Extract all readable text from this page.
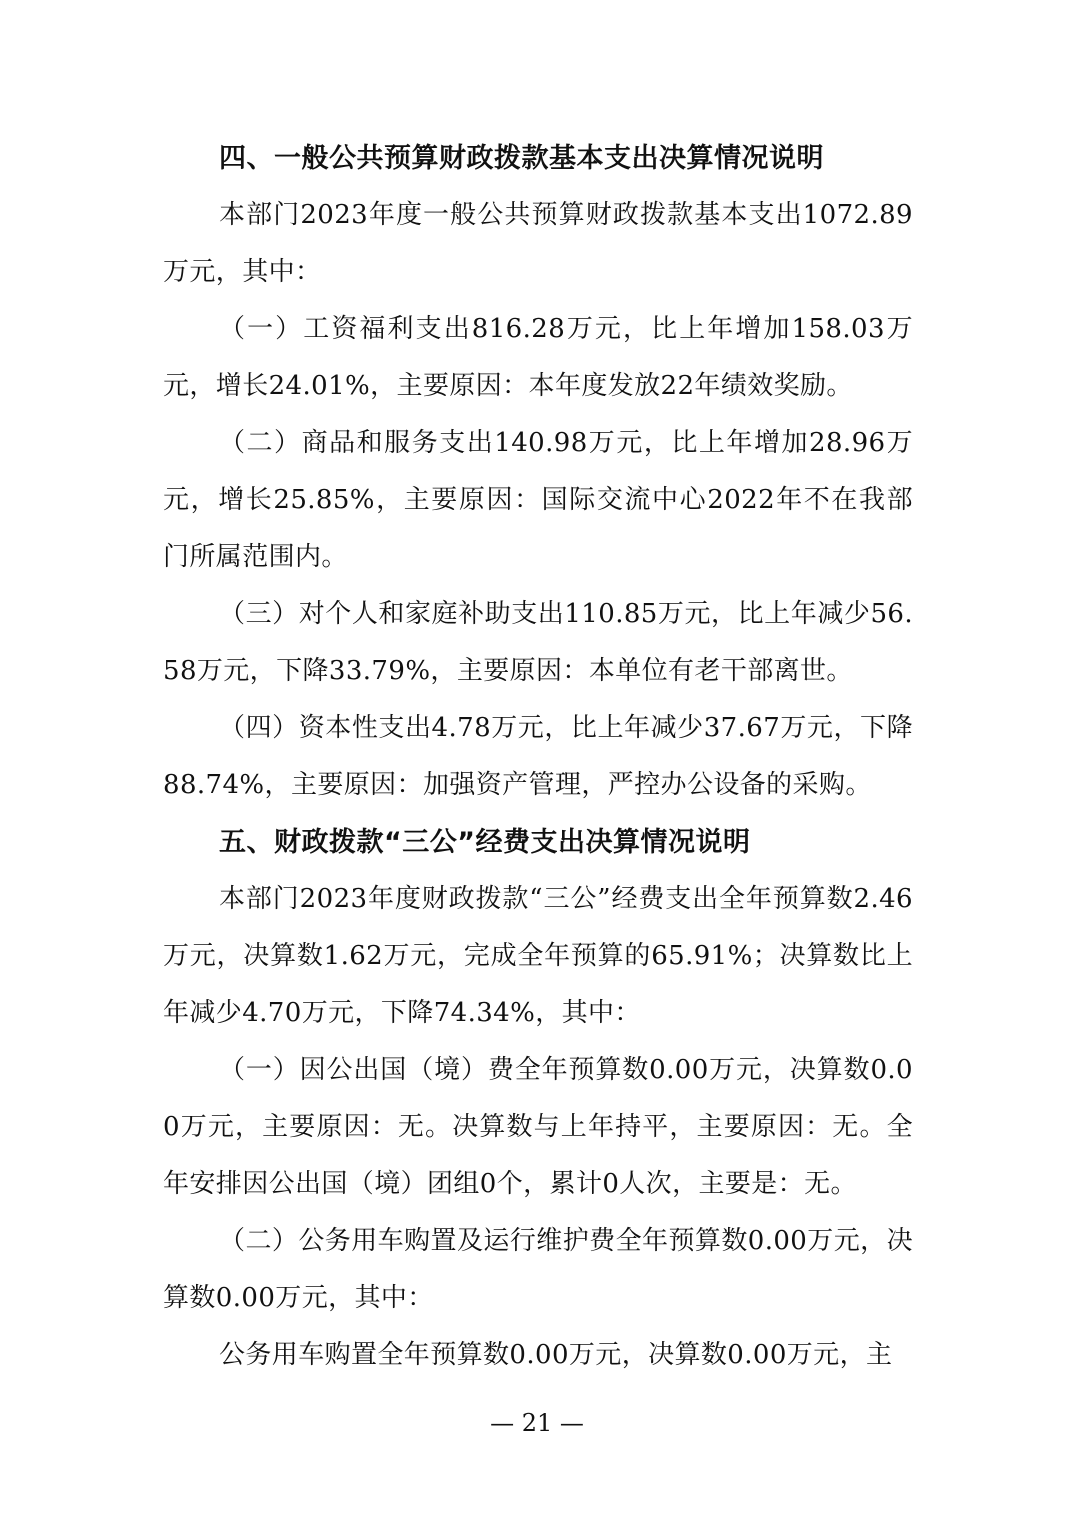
四、一般公共预算财政拨款基本支出决算情况说明

本部门2023年度一般公共预算财政拨款基本支出1072.89万元，其中：

（一）工资福利支出816.28万元，比上年增加158.03万元，增长24.01%，主要原因：本年度发放22年绩效奖励。

（二）商品和服务支出140.98万元，比上年增加28.96万元，增长25.85%，主要原因：国际交流中心2022年不在我部门所属范围内。

（三）对个人和家庭补助支出110.85万元，比上年减少56.58万元，下降33.79%，主要原因：本单位有老干部离世。

（四）资本性支出4.78万元，比上年减少37.67万元，下降88.74%，主要原因：加强资产管理，严控办公设备的采购。

五、财政拨款“三公”经费支出决算情况说明

本部门2023年度财政拨款“三公”经费支出全年预算数2.46万元，决算数1.62万元，完成全年预算的65.91%；决算数比上年减少4.70万元，下降74.34%，其中：

（一）因公出国（境）费全年预算数0.00万元，决算数0.00万元，主要原因：无。决算数与上年持平，主要原因：无。全年安排因公出国（境）团组0个，累计0人次，主要是：无。

（二）公务用车购置及运行维护费全年预算数0.00万元，决算数0.00万元，其中：

公务用车购置全年预算数0.00万元，决算数0.00万元，主

— 21 —
